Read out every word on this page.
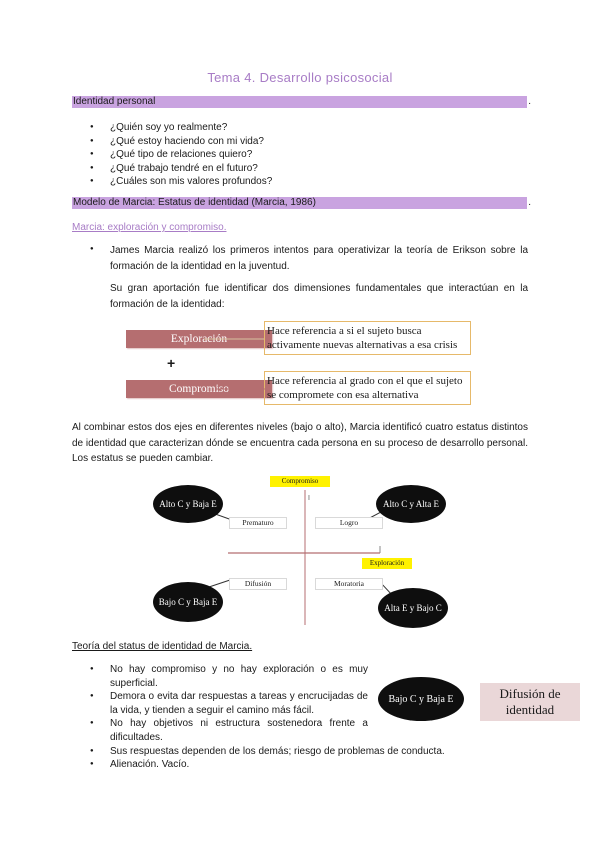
Tema 4. Desarrollo psicosocial
Identidad personal	.
● ¿Quién soy yo realmente?
● ¿Qué estoy haciendo con mi vida?
● ¿Qué tipo de relaciones quiero?
● ¿Qué trabajo tendré en el futuro?
● ¿Cuáles son mis valores profundos?
Modelo de Marcia: Estatus de identidad (Marcia, 1986)	.
Marcia: exploración y compromiso.
● James Marcia realizó los primeros intentos para operativizar la teoría de Erikson sobre la formación de la identidad en la juventud.
Su gran aportación fue identificar dos dimensiones fundamentales que interactúan en la formación de la identidad:
Exploración
+
Compromiso
Hace referencia a si el sujeto busca activamente nuevas alternativas a esa crisis
Hace referencia al grado con el que el sujeto se compromete con esa alternativa
Al combinar estos dos ejes en diferentes niveles (bajo o alto), Marcia identificó cuatro estatus distintos de identidad que caracterizan dónde se encuentra cada persona en su proceso de desarrollo personal. Los estatus se pueden cambiar.
Compromiso
I
Exploración
Prematuro	Logro
Difusión	Moratoria
Alto C y Baja E	Alto C y Alta E
Bajo C y Baja E
Alta E y Bajo C
Teoría del status de identidad de Marcia.
● No hay compromiso y no hay exploración o es muy superficial.
● Demora o evita dar respuestas a tareas y encrucijadas de la vida, y tienden a seguir el camino más fácil.
● No hay objetivos ni estructura sostenedora frente a dificultades.
● Sus respuestas dependen de los demás; riesgo de problemas de conducta.
● Alienación. Vacío.
Bajo C y Baja E	Difusión de identidad
